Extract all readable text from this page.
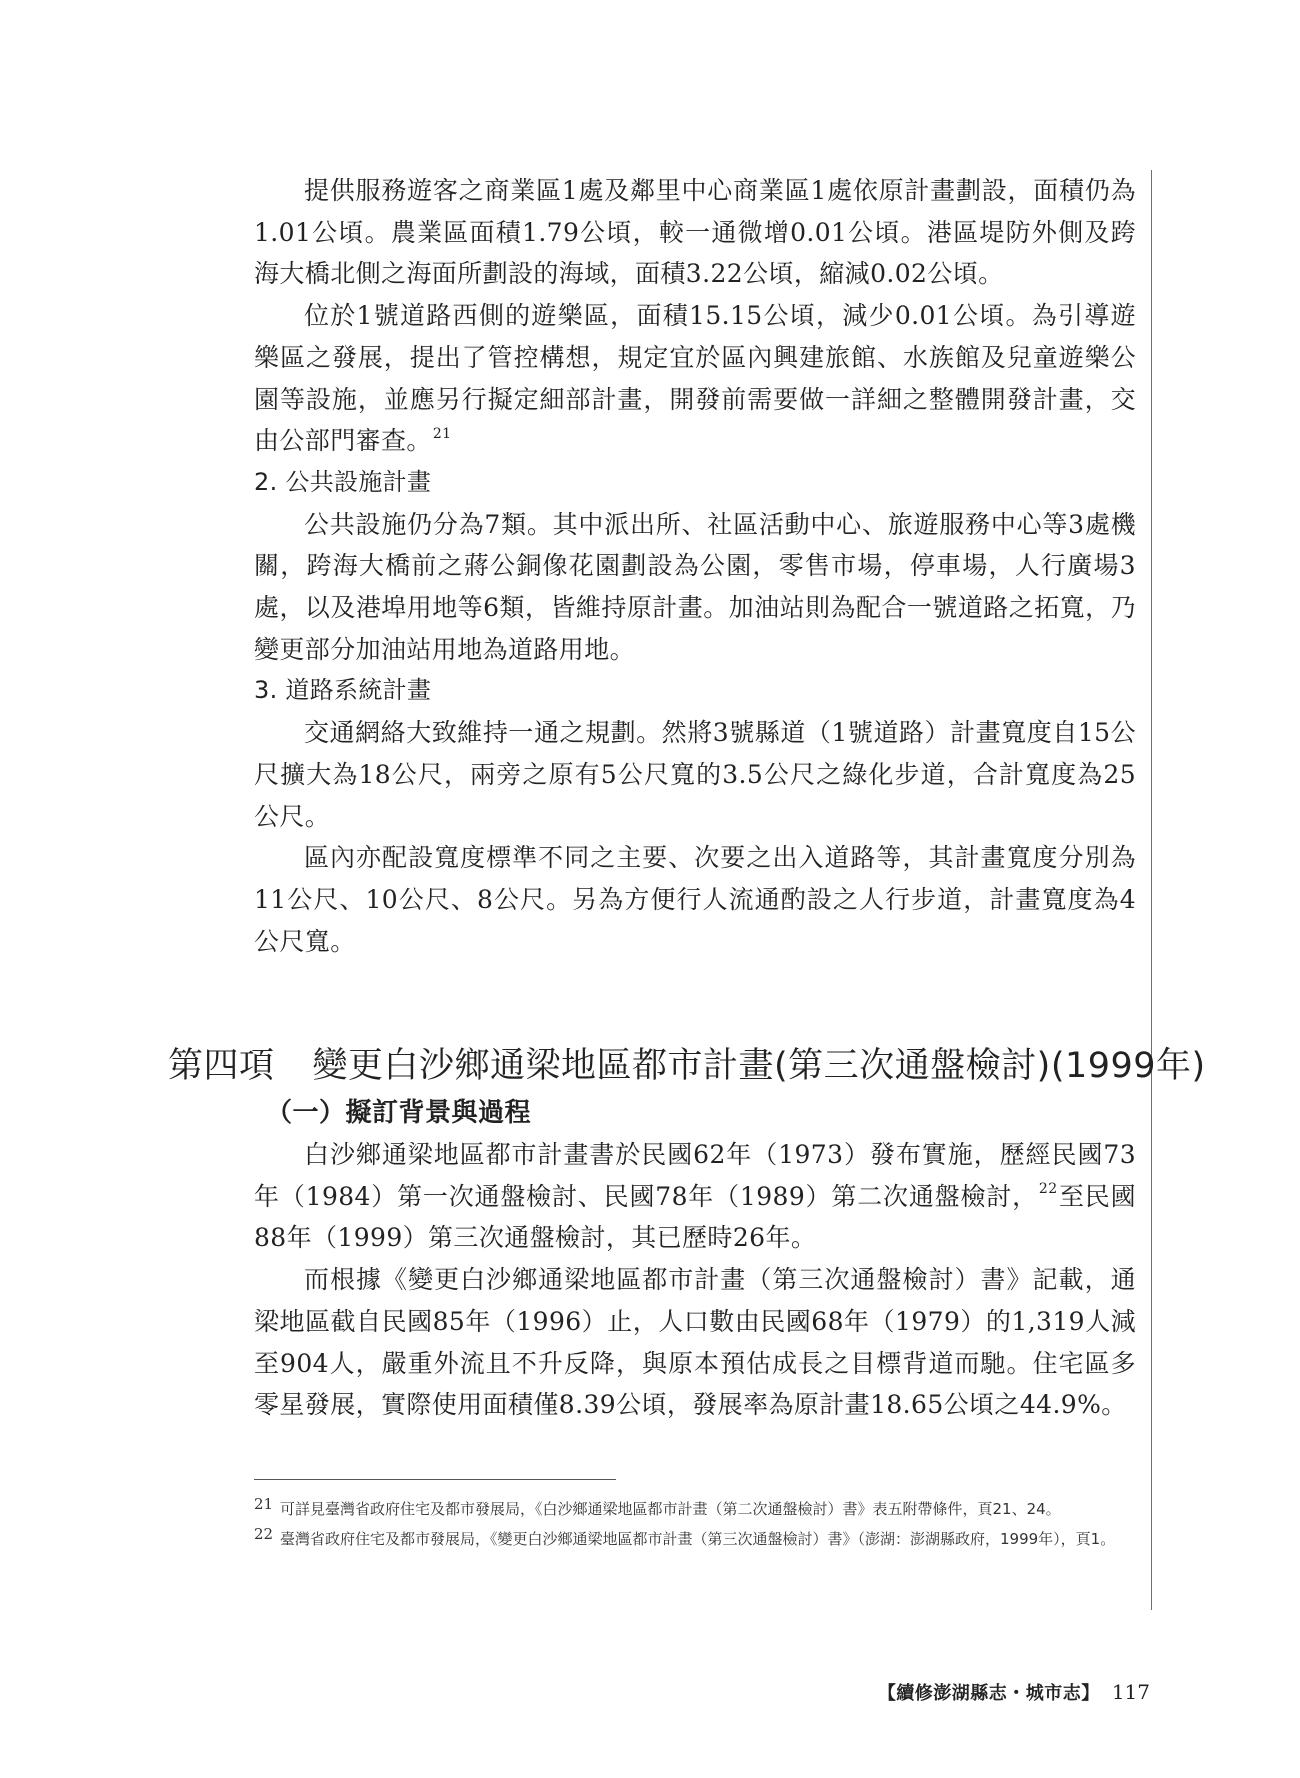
提供服務遊客之商業區1處及鄰里中心商業區1處依原計畫劃設，面積仍為1.01公頃。農業區面積1.79公頃，較一通微增0.01公頃。港區堤防外側及跨海大橋北側之海面所劃設的海域，面積3.22公頃，縮減0.02公頃。

位於1號道路西側的遊樂區，面積15.15公頃，減少0.01公頃。為引導遊樂區之發展，提出了管控構想，規定宜於區內興建旅館、水族館及兒童遊樂公園等設施，並應另行擬定細部計畫，開發前需要做一詳細之整體開發計畫，交由公部門審查。$^{21}$

2. 公共設施計畫

公共設施仍分為7類。其中派出所、社區活動中心、旅遊服務中心等3處機關，跨海大橋前之蔣公銅像花園劃設為公園，零售市場，停車場，人行廣場3處，以及港埠用地等6類，皆維持原計畫。加油站則為配合一號道路之拓寬，乃變更部分加油站用地為道路用地。

3. 道路系統計畫

交通網絡大致維持一通之規劃。然將3號縣道（1號道路）計畫寬度自15公尺擴大為18公尺，兩旁之原有5公尺寬的3.5公尺之綠化步道，合計寬度為25公尺。

區內亦配設寬度標準不同之主要、次要之出入道路等，其計畫寬度分別為11公尺、10公尺、8公尺。另為方便行人流通酌設之人行步道，計畫寬度為4公尺寬。

第四項 變更白沙鄉通梁地區都市計畫(第三次通盤檢討)(1999年)
（一）擬訂背景與過程

白沙鄉通梁地區都市計畫書於民國62年（1973）發布實施，歷經民國73年（1984）第一次通盤檢討、民國78年（1989）第二次通盤檢討，$^{22}$至民國88年（1999）第三次通盤檢討，其已歷時26年。

而根據《變更白沙鄉通梁地區都市計畫（第三次通盤檢討）書》記載，通梁地區截自民國85年（1996）止，人口數由民國68年（1979）的1,319人減至904人，嚴重外流且不升反降，與原本預估成長之目標背道而馳。住宅區多零星發展，實際使用面積僅8.39公頃，發展率為原計畫18.65公頃之44.9%。

21 可詳見臺灣省政府住宅及都市發展局，《白沙鄉通梁地區都市計畫（第二次通盤檢討）書》表五附帶條件，頁21、24。
22 臺灣省政府住宅及都市發展局，《變更白沙鄉通梁地區都市計畫（第三次通盤檢討）書》（澎湖：澎湖縣政府，1999年），頁1。
【續修澎湖縣志・城市志】 117
